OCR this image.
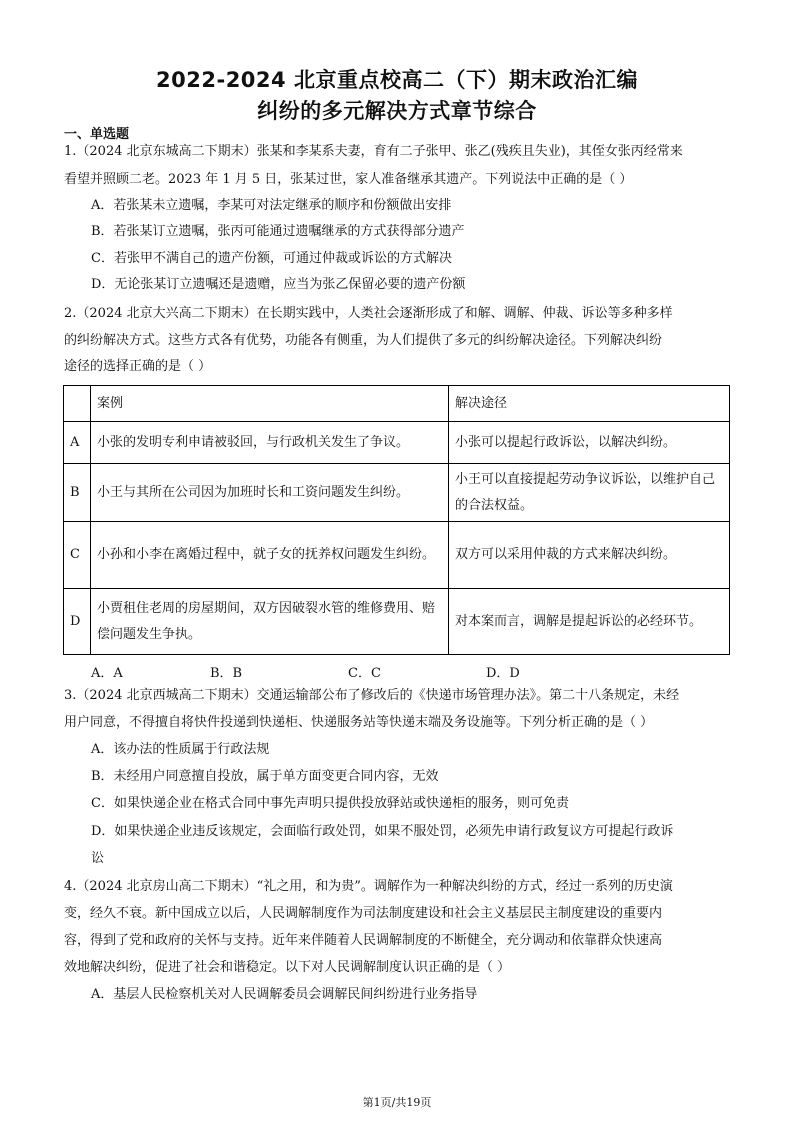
2022-2024 北京重点校高二（下）期末政治汇编
纠纷的多元解决方式章节综合
一、单选题
1.（2024 北京东城高二下期末）张某和李某系夫妻，育有二子张甲、张乙(残疾且失业)，其侄女张丙经常来
看望并照顾二老。2023 年 1 月 5 日，张某过世，家人准备继承其遗产。下列说法中正确的是（ ）
A．若张某未立遗嘱，李某可对法定继承的顺序和份额做出安排
B．若张某订立遗嘱，张丙可能通过遗嘱继承的方式获得部分遗产
C．若张甲不满自己的遗产份额，可通过仲裁或诉讼的方式解决
D．无论张某订立遗嘱还是遗赠，应当为张乙保留必要的遗产份额
2.（2024 北京大兴高二下期末）在长期实践中，人类社会逐渐形成了和解、调解、仲裁、诉讼等多种多样
的纠纷解决方式。这些方式各有优势，功能各有侧重，为人们提供了多元的纠纷解决途径。下列解决纠纷
途径的选择正确的是（ ）
	案例	解决途径
A	小张的发明专利申请被驳回，与行政机关发生了争议。	小张可以提起行政诉讼，以解决纠纷。
B	小王与其所在公司因为加班时长和工资问题发生纠纷。	小王可以直接提起劳动争议诉讼，以维护自己的合法权益。
C	小孙和小李在离婚过程中，就子女的抚养权问题发生纠纷。	双方可以采用仲裁的方式来解决纠纷。
D	小贾租住老周的房屋期间，双方因破裂水管的维修费用、赔偿问题发生争执。	对本案而言，调解是提起诉讼的必经环节。
A．A	B．B	C．C	D．D
3.（2024 北京西城高二下期末）交通运输部公布了修改后的《快递市场管理办法》。第二十八条规定，未经
用户同意，不得擅自将快件投递到快递柜、快递服务站等快递末端及务设施等。下列分析正确的是（ ）
A．该办法的性质属于行政法规
B．未经用户同意擅自投放，属于单方面变更合同内容，无效
C．如果快递企业在格式合同中事先声明只提供投放驿站或快递柜的服务，则可免责
D．如果快递企业违反该规定，会面临行政处罚，如果不服处罚，必须先申请行政复议方可提起行政诉
讼
4.（2024 北京房山高二下期末）“礼之用，和为贵”。调解作为一种解决纠纷的方式，经过一系列的历史演
变，经久不衰。新中国成立以后，人民调解制度作为司法制度建设和社会主义基层民主制度建设的重要内
容，得到了党和政府的关怀与支持。近年来伴随着人民调解制度的不断健全，充分调动和依靠群众快速高
效地解决纠纷，促进了社会和谐稳定。以下对人民调解制度认识正确的是（ ）
A．基层人民检察机关对人民调解委员会调解民间纠纷进行业务指导
第1页/共19页
